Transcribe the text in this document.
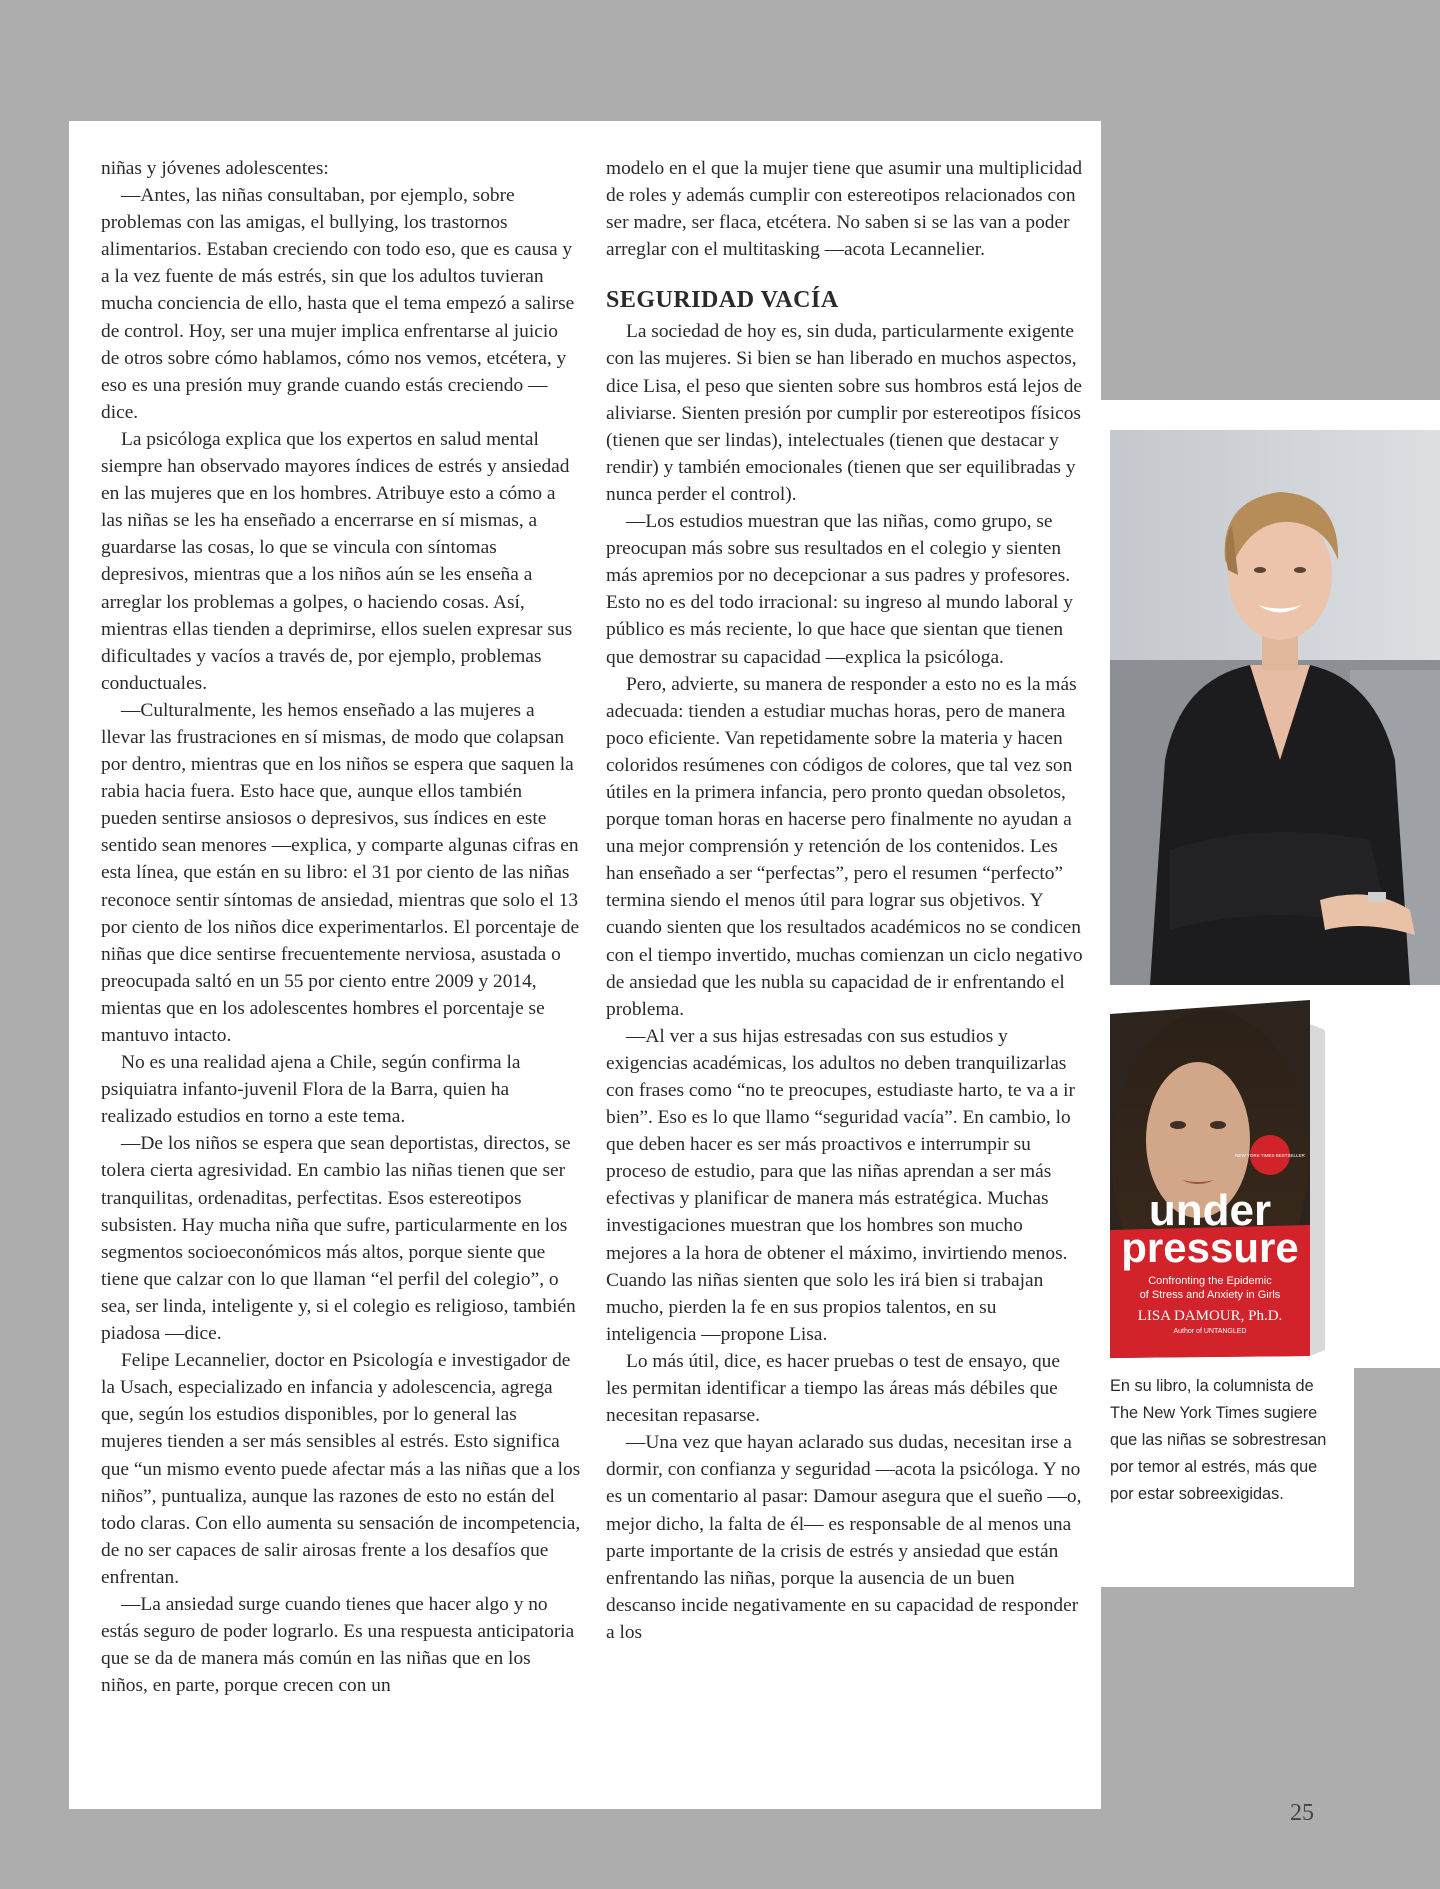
niñas y jóvenes adolescentes:

—Antes, las niñas consultaban, por ejemplo, sobre problemas con las amigas, el bullying, los trastornos alimentarios. Estaban creciendo con todo eso, que es causa y a la vez fuente de más estrés, sin que los adultos tuvieran mucha conciencia de ello, hasta que el tema empezó a salirse de control. Hoy, ser una mujer implica enfrentarse al juicio de otros sobre cómo hablamos, cómo nos vemos, etcétera, y eso es una presión muy grande cuando estás creciendo —dice.

La psicóloga explica que los expertos en salud mental siempre han observado mayores índices de estrés y ansiedad en las mujeres que en los hombres. Atribuye esto a cómo a las niñas se les ha enseñado a encerrarse en sí mismas, a guardarse las cosas, lo que se vincula con síntomas depresivos, mientras que a los niños aún se les enseña a arreglar los problemas a golpes, o haciendo cosas. Así, mientras ellas tienden a deprimirse, ellos suelen expresar sus dificultades y vacíos a través de, por ejemplo, problemas conductuales.

—Culturalmente, les hemos enseñado a las mujeres a llevar las frustraciones en sí mismas, de modo que colapsan por dentro, mientras que en los niños se espera que saquen la rabia hacia fuera. Esto hace que, aunque ellos también pueden sentirse ansiosos o depresivos, sus índices en este sentido sean menores —explica, y comparte algunas cifras en esta línea, que están en su libro: el 31 por ciento de las niñas reconoce sentir síntomas de ansiedad, mientras que solo el 13 por ciento de los niños dice experimentarlos. El porcentaje de niñas que dice sentirse frecuentemente nerviosa, asustada o preocupada saltó en un 55 por ciento entre 2009 y 2014, mientas que en los adolescentes hombres el porcentaje se mantuvo intacto.

No es una realidad ajena a Chile, según confirma la psiquiatra infanto-juvenil Flora de la Barra, quien ha realizado estudios en torno a este tema.

—De los niños se espera que sean deportistas, directos, se tolera cierta agresividad. En cambio las niñas tienen que ser tranquilitas, ordenaditas, perfectitas. Esos estereotipos subsisten. Hay mucha niña que sufre, particularmente en los segmentos socioeconómicos más altos, porque siente que tiene que calzar con lo que llaman “el perfil del colegio”, o sea, ser linda, inteligente y, si el colegio es religioso, también piadosa —dice.

Felipe Lecannelier, doctor en Psicología e investigador de la Usach, especializado en infancia y adolescencia, agrega que, según los estudios disponibles, por lo general las mujeres tienden a ser más sensibles al estrés. Esto significa que “un mismo evento puede afectar más a las niñas que a los niños”, puntualiza, aunque las razones de esto no están del todo claras. Con ello aumenta su sensación de incompetencia, de no ser capaces de salir airosas frente a los desafíos que enfrentan.

—La ansiedad surge cuando tienes que hacer algo y no estás seguro de poder lograrlo. Es una respuesta anticipatoria que se da de manera más común en las niñas que en los niños, en parte, porque crecen con un

modelo en el que la mujer tiene que asumir una multiplicidad de roles y además cumplir con estereotipos relacionados con ser madre, ser flaca, etcétera. No saben si se las van a poder arreglar con el multitasking —acota Lecannelier.

SEGURIDAD VACÍA

La sociedad de hoy es, sin duda, particularmente exigente con las mujeres. Si bien se han liberado en muchos aspectos, dice Lisa, el peso que sienten sobre sus hombros está lejos de aliviarse. Sienten presión por cumplir por estereotipos físicos (tienen que ser lindas), intelectuales (tienen que destacar y rendir) y también emocionales (tienen que ser equilibradas y nunca perder el control).

—Los estudios muestran que las niñas, como grupo, se preocupan más sobre sus resultados en el colegio y sienten más apremios por no decepcionar a sus padres y profesores. Esto no es del todo irracional: su ingreso al mundo laboral y público es más reciente, lo que hace que sientan que tienen que demostrar su capacidad —explica la psicóloga.

Pero, advierte, su manera de responder a esto no es la más adecuada: tienden a estudiar muchas horas, pero de manera poco eficiente. Van repetidamente sobre la materia y hacen coloridos resúmenes con códigos de colores, que tal vez son útiles en la primera infancia, pero pronto quedan obsoletos, porque toman horas en hacerse pero finalmente no ayudan a una mejor comprensión y retención de los contenidos. Les han enseñado a ser “perfectas”, pero el resumen “perfecto” termina siendo el menos útil para lograr sus objetivos. Y cuando sienten que los resultados académicos no se condicen con el tiempo invertido, muchas comienzan un ciclo negativo de ansiedad que les nubla su capacidad de ir enfrentando el problema.

—Al ver a sus hijas estresadas con sus estudios y exigencias académicas, los adultos no deben tranquilizarlas con frases como “no te preocupes, estudiaste harto, te va a ir bien”. Eso es lo que llamo “seguridad vacía”. En cambio, lo que deben hacer es ser más proactivos e interrumpir su proceso de estudio, para que las niñas aprendan a ser más efectivas y planificar de manera más estratégica. Muchas investigaciones muestran que los hombres son mucho mejores a la hora de obtener el máximo, invirtiendo menos. Cuando las niñas sienten que solo les irá bien si trabajan mucho, pierden la fe en sus propios talentos, en su inteligencia —propone Lisa.

Lo más útil, dice, es hacer pruebas o test de ensayo, que les permitan identificar a tiempo las áreas más débiles que necesitan repasarse.

—Una vez que hayan aclarado sus dudas, necesitan irse a dormir, con confianza y seguridad —acota la psicóloga. Y no es un comentario al pasar: Damour asegura que el sueño —o, mejor dicho, la falta de él— es responsable de al menos una parte importante de la crisis de estrés y ansiedad que están enfrentando las niñas, porque la ausencia de un buen descanso incide negativamente en su capacidad de responder a los

NEW YORK TIMES BESTSELLER
under
pressure
Confronting the Epidemic
of Stress and Anxiety in Girls
LISA DAMOUR, Ph.D.
Author of UNTANGLED
En su libro, la columnista de The New York Times sugiere que las niñas se sobrestresan por temor al estrés, más que por estar sobreexigidas.
25
